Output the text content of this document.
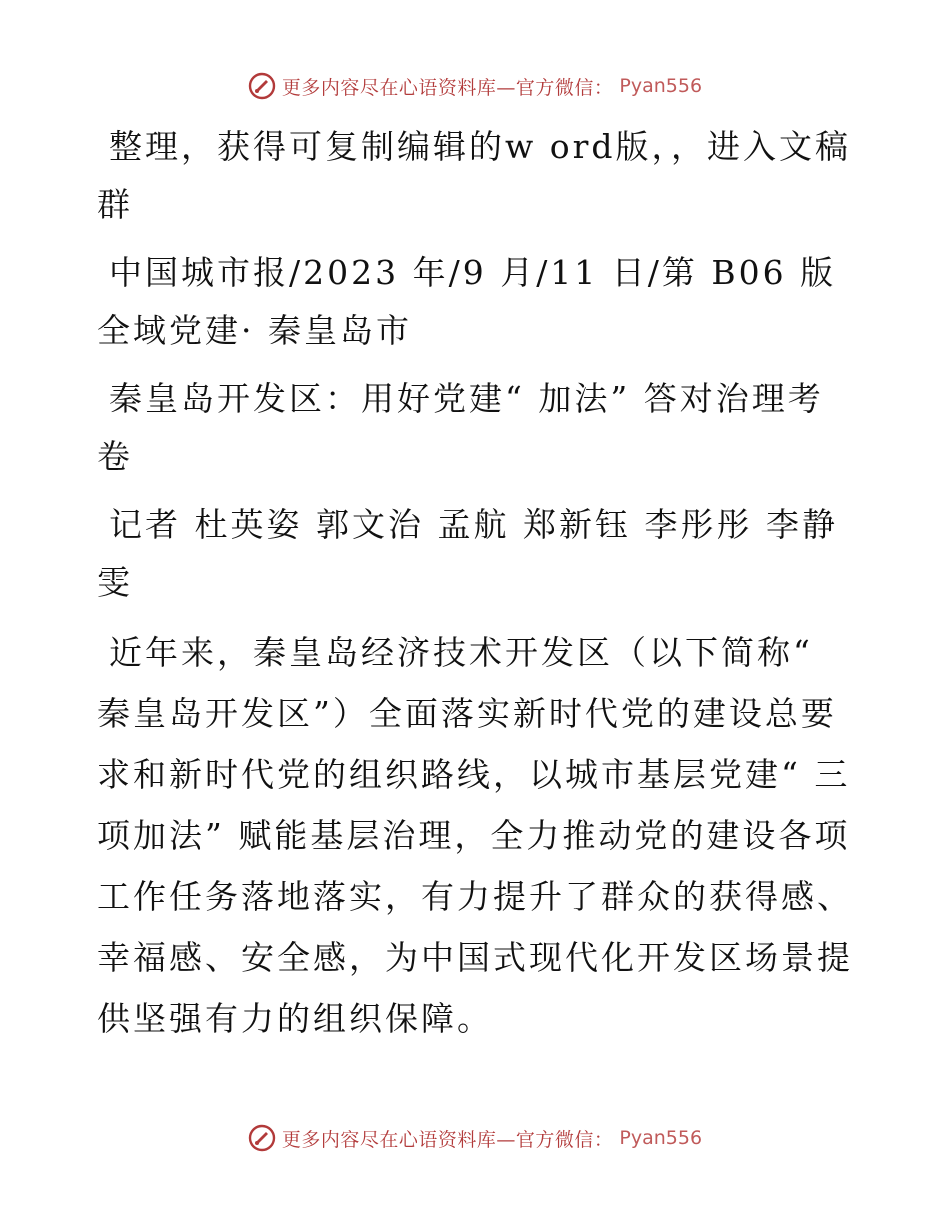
更多内容尽在心语资料库—官方微信： Pyan556

整理，获得可复制编辑的w ord版，，进入文稿群

中国城市报/2023 年/9 月/11 日/第 B06 版全域党建· 秦皇岛市

秦皇岛开发区：用好党建“ 加法” 答对治理考卷

记者 杜英姿 郭文治 孟航 郑新钰 李彤彤 李静雯

近年来，秦皇岛经济技术开发区（以下简称“ 秦皇岛开发区”）全面落实新时代党的建设总要求和新时代党的组织路线，以城市基层党建“ 三项加法” 赋能基层治理，全力推动党的建设各项工作任务落地落实，有力提升了群众的获得感、幸福感、安全感，为中国式现代化开发区场景提供坚强有力的组织保障。

更多内容尽在心语资料库—官方微信： Pyan556
